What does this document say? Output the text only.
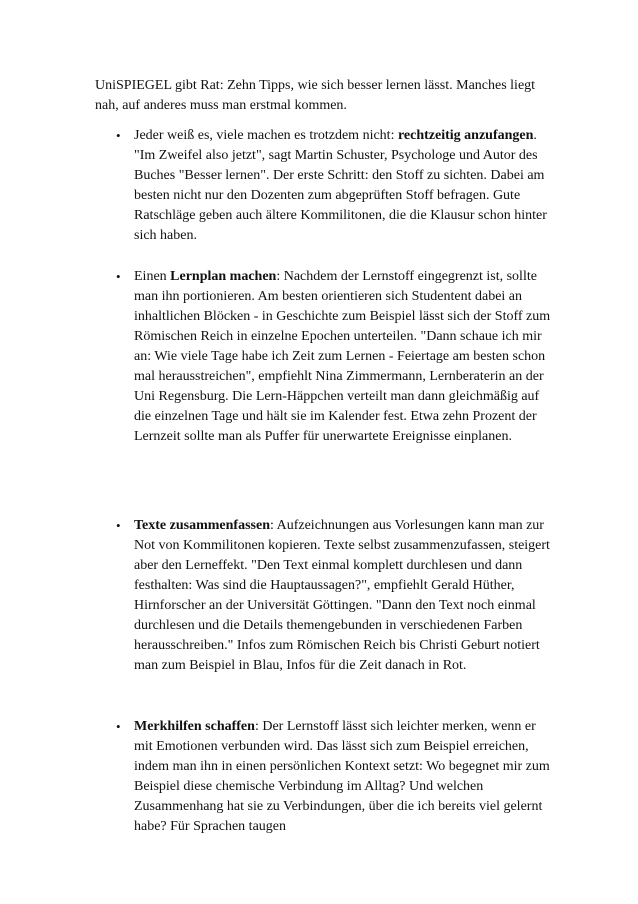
UniSPIEGEL gibt Rat: Zehn Tipps, wie sich besser lernen lässt. Manches liegt nah, auf anderes muss man erstmal kommen.

• Jeder weiß es, viele machen es trotzdem nicht: rechtzeitig anzufangen. "Im Zweifel also jetzt", sagt Martin Schuster, Psychologe und Autor des Buches "Besser lernen". Der erste Schritt: den Stoff zu sichten. Dabei am besten nicht nur den Dozenten zum abgeprüften Stoff befragen. Gute Ratschläge geben auch ältere Kommilitonen, die die Klausur schon hinter sich haben.

• Einen Lernplan machen: Nachdem der Lernstoff eingegrenzt ist, sollte man ihn portionieren. Am besten orientieren sich Studentent dabei an inhaltlichen Blöcken - in Geschichte zum Beispiel lässt sich der Stoff zum Römischen Reich in einzelne Epochen unterteilen. "Dann schaue ich mir an: Wie viele Tage habe ich Zeit zum Lernen - Feiertage am besten schon mal herausstreichen", empfiehlt Nina Zimmermann, Lernberaterin an der Uni Regensburg. Die Lern-Häppchen verteilt man dann gleichmäßig auf die einzelnen Tage und hält sie im Kalender fest. Etwa zehn Prozent der Lernzeit sollte man als Puffer für unerwartete Ereignisse einplanen.

• Texte zusammenfassen: Aufzeichnungen aus Vorlesungen kann man zur Not von Kommilitonen kopieren. Texte selbst zusammenzufassen, steigert aber den Lerneffekt. "Den Text einmal komplett durchlesen und dann festhalten: Was sind die Hauptaussagen?", empfiehlt Gerald Hüther, Hirnforscher an der Universität Göttingen. "Dann den Text noch einmal durchlesen und die Details themengebunden in verschiedenen Farben herausschreiben." Infos zum Römischen Reich bis Christi Geburt notiert man zum Beispiel in Blau, Infos für die Zeit danach in Rot.

• Merkhilfen schaffen: Der Lernstoff lässt sich leichter merken, wenn er mit Emotionen verbunden wird. Das lässt sich zum Beispiel erreichen, indem man ihn in einen persönlichen Kontext setzt: Wo begegnet mir zum Beispiel diese chemische Verbindung im Alltag? Und welchen Zusammenhang hat sie zu Verbindungen, über die ich bereits viel gelernt habe? Für Sprachen taugen
